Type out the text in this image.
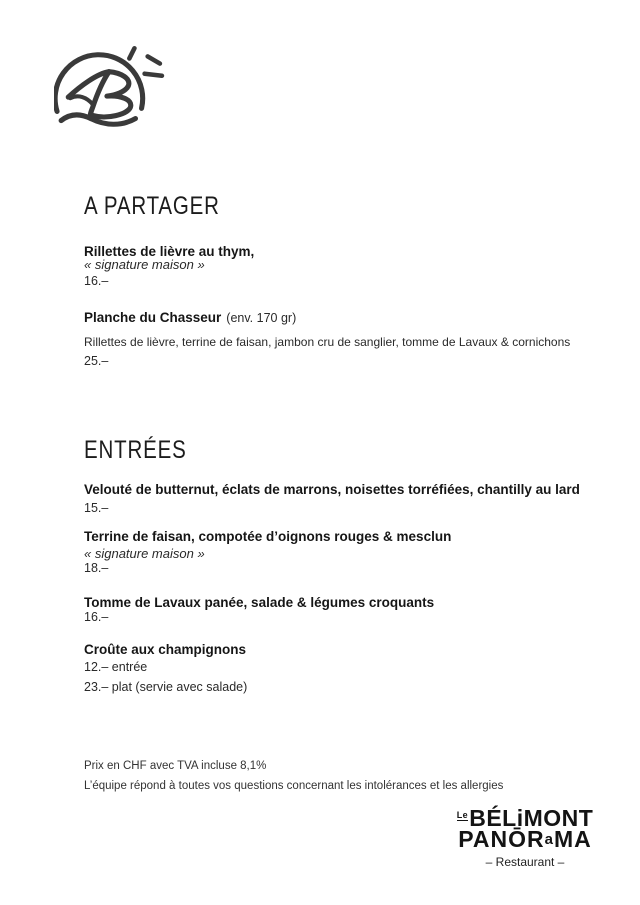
A PARTAGER
Rillettes de lièvre au thym,
« signature maison »
16.–
Planche du Chasseur (env. 170 gr)
Rillettes de lièvre, terrine de faisan, jambon cru de sanglier, tomme de Lavaux & cornichons
25.–
ENTRÉES
Velouté de butternut, éclats de marrons, noisettes torréfiées, chantilly au lard
15.–
Terrine de faisan, compotée d’oignons rouges & mesclun
« signature maison »
18.–
Tomme de Lavaux panée, salade & légumes croquants
16.–
Croûte aux champignons
12.– entrée
23.– plat (servie avec salade)
Prix en CHF avec TVA incluse 8,1%
L’équipe répond à toutes vos questions concernant les intolérances et les allergies
$^{Le}$BÉLiMONT
PANŌRaMA
– Restaurant –
